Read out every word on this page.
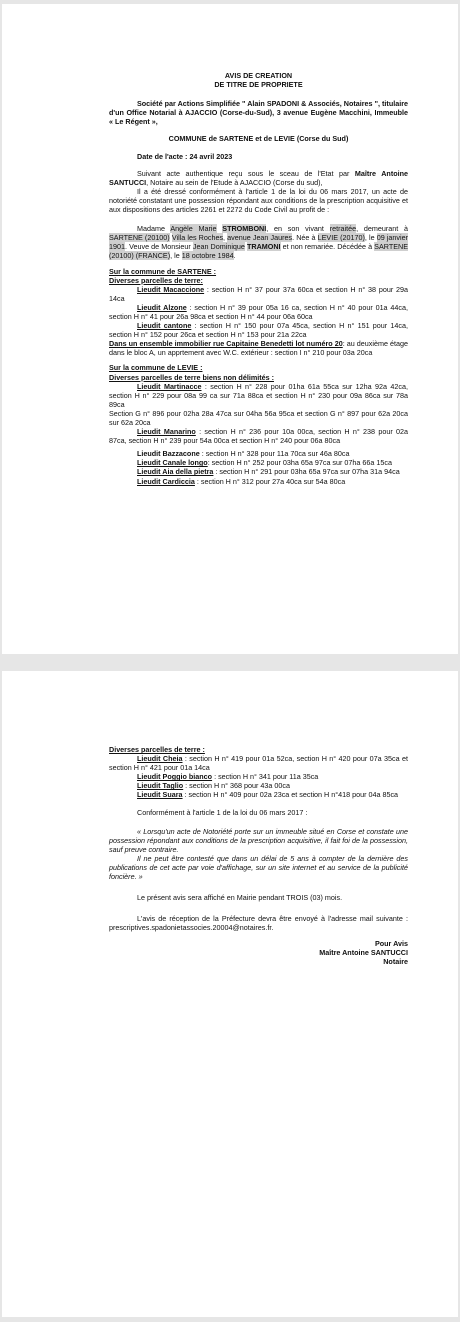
AVIS DE CREATION
DE TITRE DE PROPRIETE
Société par Actions Simplifiée " Alain SPADONI & Associés, Notaires ", titulaire d'un Office Notarial à AJACCIO (Corse-du-Sud), 3 avenue Eugène Macchini, Immeuble « Le Régent »,
COMMUNE de SARTENE et de LEVIE (Corse du Sud)
Date de l'acte : 24 avril 2023
Suivant acte authentique reçu sous le sceau de l'Etat par Maître Antoine SANTUCCI, Notaire au sein de l'Etude à AJACCIO (Corse du sud),
Il a été dressé conformément à l'article 1 de la loi du 06 mars 2017, un acte de notoriété constatant une possession répondant aux conditions de la prescription acquisitive et aux dispositions des articles 2261 et 2272 du Code Civil au profit de :
Madame Angèle Marie STROMBONI, en son vivant retraitée, demeurant à SARTENE (20100) Villa les Roches, avenue Jean Jaures. Née à LEVIE (20170), le 09 janvier 1901. Veuve de Monsieur Jean Dominique TRAMONI et non remariée. Décédée à SARTENE (20100) (FRANCE), le 18 octobre 1984.
Sur la commune de SARTENE :
Diverses parcelles de terre:
Lieudit Macaccione : section H n° 37 pour 37a 60ca et section H n° 38 pour 29a 14ca
Lieudit Alzone : section H n° 39 pour 05a 16 ca, section H n° 40 pour 01a 44ca, section H n° 41 pour 26a 98ca et section H n° 44 pour 06a 60ca
Lieudit cantone : section H n° 150 pour 07a 45ca, section H n° 151 pour 14ca, section H n° 152 pour 26ca et section H n° 153 pour 21a 22ca
Dans un ensemble immobilier rue Capitaine Benedetti lot numéro 20: au deuxième étage dans le bloc A, un apprtement avec W.C. extérieur : section I n° 210 pour 03a 20ca
Sur la commune de LEVIE :
Diverses parcelles de terre biens non délimités :
Lieudit Martinacce : section H n° 228 pour 01ha 61a 55ca sur 12ha 92a 42ca, section H n° 229 pour 08a 99 ca sur 71a 88ca et section H n° 230 pour 09a 86ca sur 78a 89ca
Section G n° 896 pour 02ha 28a 47ca sur 04ha 56a 95ca et section G n° 897 pour 62a 20ca sur 62a 20ca
Lieudit Manarino : section H n° 236 pour 10a 00ca, section H n° 238 pour 02a 87ca, section H n° 239 pour 54a 00ca et section H n° 240 pour 06a 80ca
Lieudit Bazzacone : section H n° 328 pour 11a 70ca sur 46a 80ca
Lieudit Canale longo: section H n° 252 pour 03ha 65a 97ca sur 07ha 66a 15ca
Lieudit Aia della pietra : section H n° 291 pour 03ha 65a 97ca sur 07ha 31a 94ca
Lieudit Cardiccia : section H n° 312 pour 27a 40ca sur 54a 80ca
Diverses parcelles de terre :
Lieudit Cheia : section H n° 419 pour 01a 52ca, section H n° 420 pour 07a 35ca et section H n° 421 pour 01a 14ca
Lieudit Poggio bianco : section H n° 341 pour 11a 35ca
Lieudit Taglio : section H n° 368 pour 43a 00ca
Lieudit Suara : section H n° 409 pour 02a 23ca et section H n°418 pour 04a 85ca
Conformément à l'article 1 de la loi du 06 mars 2017 :
« Lorsqu'un acte de Notoriété porte sur un immeuble situé en Corse et constate une possession répondant aux conditions de la prescription acquisitive, il fait foi de la possession, sauf preuve contraire.
Il ne peut être contesté que dans un délai de 5 ans à compter de la dernière des publications de cet acte par voie d'affichage, sur un site internet et au service de la publicité foncière. »
Le présent avis sera affiché en Mairie pendant TROIS (03) mois.
L'avis de réception de la Préfecture devra être envoyé à l'adresse mail suivante : prescriptives.spadonietassocies.20004@notaires.fr.
Pour Avis
Maître Antoine SANTUCCI
Notaire
